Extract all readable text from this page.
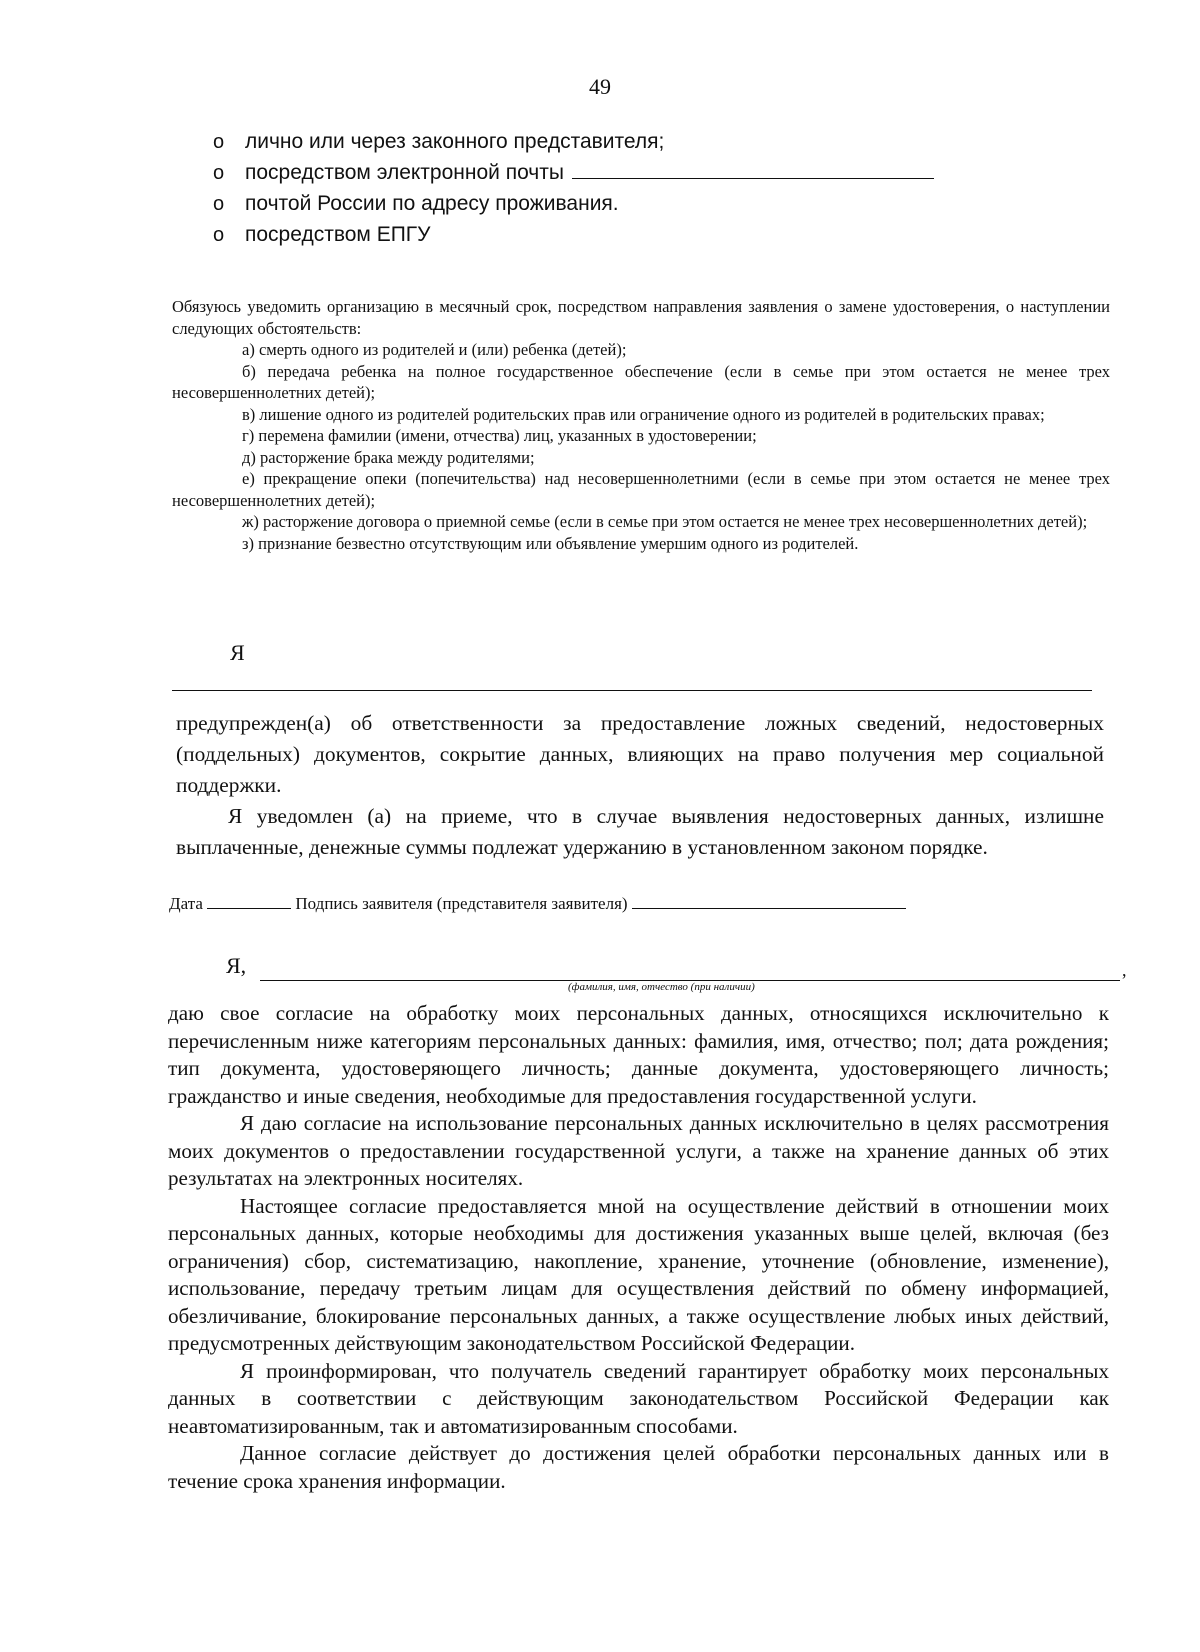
49
o лично или через законного представителя;
o посредством электронной почты
o почтой России по адресу проживания.
o посредством ЕПГУ

Обязуюсь уведомить организацию в месячный срок, посредством направления заявления о замене удостоверения, о наступлении следующих обстоятельств:

а) смерть одного из родителей и (или) ребенка (детей);

б) передача ребенка на полное государственное обеспечение (если в семье при этом остается не менее трех несовершеннолетних детей);

в) лишение одного из родителей родительских прав или ограничение одного из родителей в родительских правах;

г) перемена фамилии (имени, отчества) лиц, указанных в удостоверении;

д) расторжение брака между родителями;

е) прекращение опеки (попечительства) над несовершеннолетними (если в семье при этом остается не менее трех несовершеннолетних детей);

ж) расторжение договора о приемной семье (если в семье при этом остается не менее трех несовершеннолетних детей);

з) признание безвестно отсутствующим или объявление умершим одного из родителей.

Я

предупрежден(а) об ответственности за предоставление ложных сведений, недостоверных (поддельных) документов, сокрытие данных, влияющих на право получения мер социальной поддержки.

Я уведомлен (а) на приеме, что в случае выявления недостоверных данных, излишне выплаченные, денежные суммы подлежат удержанию в установленном законом порядке.

Дата	Подпись заявителя (представителя заявителя)
Я,	,
(фамилия, имя, отчество (при наличии)

даю свое согласие на обработку моих персональных данных, относящихся исключительно к перечисленным ниже категориям персональных данных: фамилия, имя, отчество; пол; дата рождения; тип документа, удостоверяющего личность; данные документа, удостоверяющего личность; гражданство и иные сведения, необходимые для предоставления государственной услуги.

Я даю согласие на использование персональных данных исключительно в целях рассмотрения моих документов о предоставлении государственной услуги, а также на хранение данных об этих результатах на электронных носителях.

Настоящее согласие предоставляется мной на осуществление действий в отношении моих персональных данных, которые необходимы для достижения указанных выше целей, включая (без ограничения) сбор, систематизацию, накопление, хранение, уточнение (обновление, изменение), использование, передачу третьим лицам для осуществления действий по обмену информацией, обезличивание, блокирование персональных данных, а также осуществление любых иных действий, предусмотренных действующим законодательством Российской Федерации.

Я проинформирован, что получатель сведений гарантирует обработку моих персональных данных в соответствии с действующим законодательством Российской Федерации как неавтоматизированным, так и автоматизированным способами.

Данное согласие действует до достижения целей обработки персональных данных или в течение срока хранения информации.
